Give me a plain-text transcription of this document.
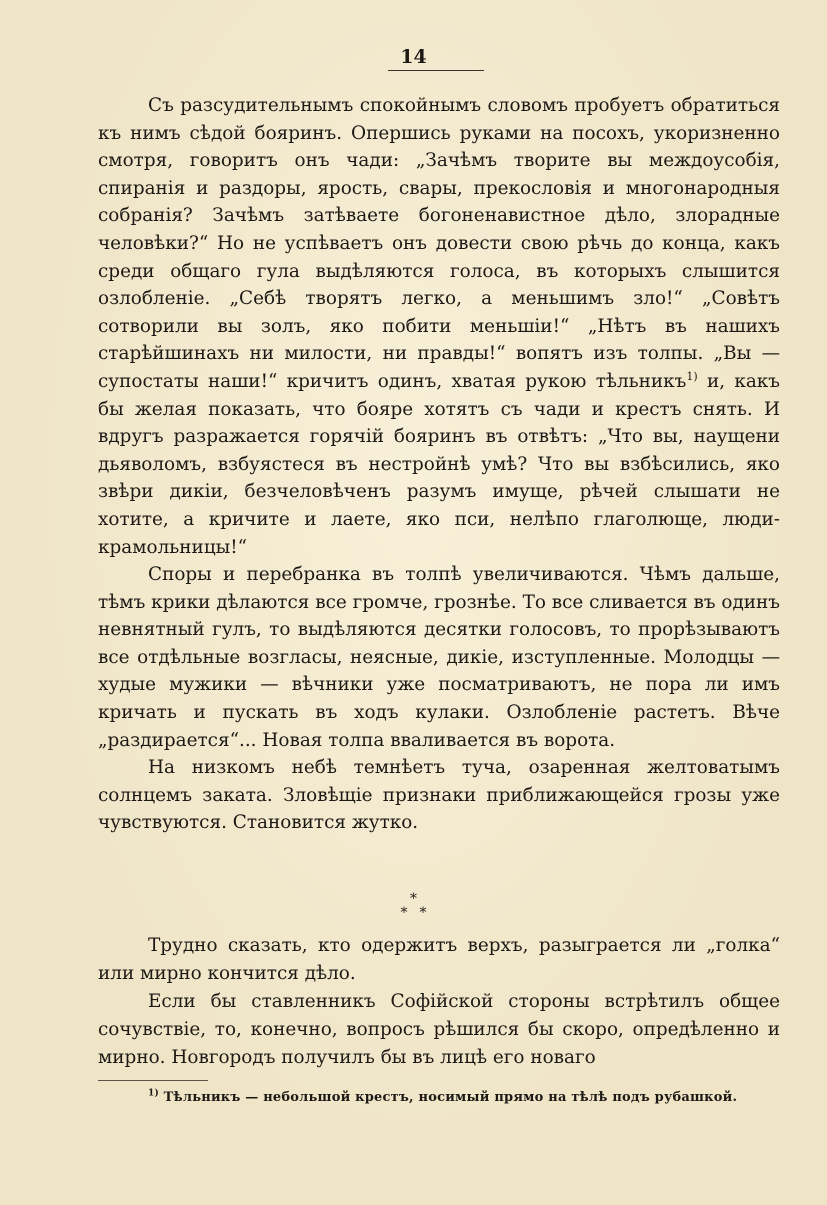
14

Съ разсудительнымъ спокойнымъ словомъ пробуетъ обратиться къ нимъ сѣдой бояринъ. Опершись руками на посохъ, укоризненно смотря, говоритъ онъ чади: „Зачѣмъ творите вы междоусобія, спиранія и раздоры, ярость, свары, прекословія и многонародныя собранія? Зачѣмъ затѣваете богоненавистное дѣло, злорадные человѣки?“ Но не успѣваетъ онъ довести свою рѣчь до конца, какъ среди общаго гула выдѣляются голоса, въ которыхъ слышится озлобленіе. „Себѣ творятъ легко, а меньшимъ зло!“ „Совѣтъ сотворили вы золъ, яко побити меньшіи!“ „Нѣтъ въ нашихъ старѣйшинахъ ни милости, ни правды!“ вопятъ изъ толпы. „Вы — супостаты наши!“ кричитъ одинъ, хватая рукою тѣльникъ$^{1)}$ и, какъ бы желая показать, что бояре хотятъ съ чади и крестъ снять. И вдругъ разражается горячій бояринъ въ отвѣтъ: „Что вы, наущени дьяволомъ, взбуястеся въ нестройнѣ умѣ? Что вы взбѣсились, яко звѣри дикіи, безчеловѣченъ разумъ имуще, рѣчей слышати не хотите, а кричите и лаете, яко пси, нелѣпо глаголюще, люди-крамольницы!“

Споры и перебранка въ толпѣ увеличиваются. Чѣмъ дальше, тѣмъ крики дѣлаются все громче, грознѣе. То все сливается въ одинъ невнятный гулъ, то выдѣляются десятки голосовъ, то прорѣзываютъ все отдѣльные возгласы, неясные, дикіе, изступленные. Молодцы — худые мужики — вѣчники уже посматриваютъ, не пора ли имъ кричать и пускать въ ходъ кулаки. Озлобленіе растетъ. Вѣче „раздирается“... Новая толпа вваливается въ ворота.

На низкомъ небѣ темнѣетъ туча, озаренная желтоватымъ солнцемъ заката. Зловѣщіе признаки приближающейся грозы уже чувствуются. Становится жутко.

*
* *

Трудно сказать, кто одержитъ верхъ, разыграется ли „голка“ или мирно кончится дѣло.

Если бы ставленникъ Софійской стороны встрѣтилъ общее сочувствіе, то, конечно, вопросъ рѣшился бы скоро, опредѣленно и мирно. Новгородъ получилъ бы въ лицѣ его новаго

$^{1)}$ Тѣльникъ — небольшой крестъ, носимый прямо на тѣлѣ подъ рубашкой.
